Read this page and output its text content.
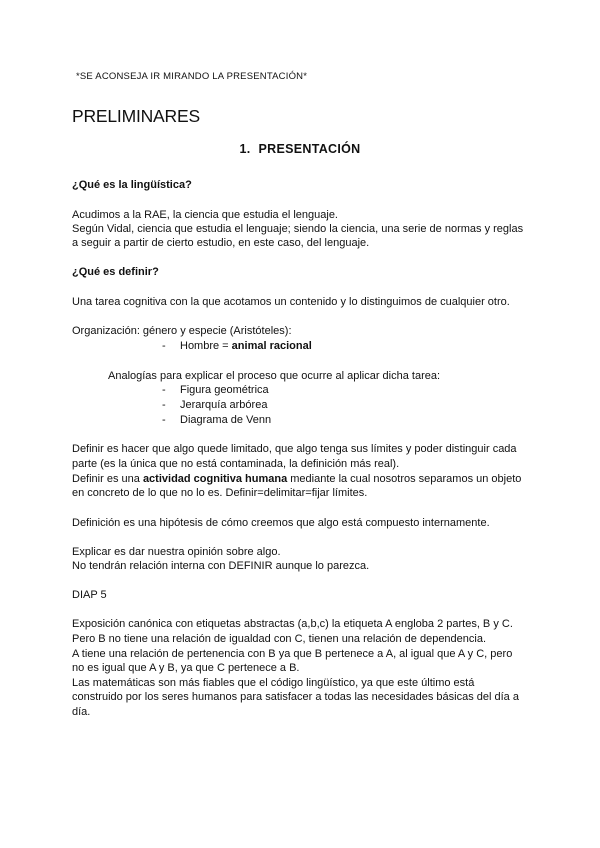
*SE ACONSEJA IR MIRANDO LA PRESENTACIÓN*
PRELIMINARES
1. PRESENTACIÓN
¿Qué es la lingüística?
Acudimos a la RAE, la ciencia que estudia el lenguaje.
Según Vidal, ciencia que estudia el lenguaje; siendo la ciencia, una serie de normas y reglas
a seguir a partir de cierto estudio, en este caso, del lenguaje.
¿Qué es definir?
Una tarea cognitiva con la que acotamos un contenido y lo distinguimos de cualquier otro.
Organización: género y especie (Aristóteles):
- Hombre = animal racional
Analogías para explicar el proceso que ocurre al aplicar dicha tarea:
- Figura geométrica
- Jerarquía arbórea
- Diagrama de Venn
Definir es hacer que algo quede limitado, que algo tenga sus límites y poder distinguir cada
parte (es la única que no está contaminada, la definición más real).
Definir es una actividad cognitiva humana mediante la cual nosotros separamos un objeto
en concreto de lo que no lo es. Definir=delimitar=fijar límites.
Definición es una hipótesis de cómo creemos que algo está compuesto internamente.
Explicar es dar nuestra opinión sobre algo.
No tendrán relación interna con DEFINIR aunque lo parezca.
DIAP 5
Exposición canónica con etiquetas abstractas (a,b,c) la etiqueta A engloba 2 partes, B y C.
Pero B no tiene una relación de igualdad con C, tienen una relación de dependencia.
A tiene una relación de pertenencia con B ya que B pertenece a A, al igual que A y C, pero
no es igual que A y B, ya que C pertenece a B.
Las matemáticas son más fiables que el código lingüístico, ya que este último está
construido por los seres humanos para satisfacer a todas las necesidades básicas del día a
día.
